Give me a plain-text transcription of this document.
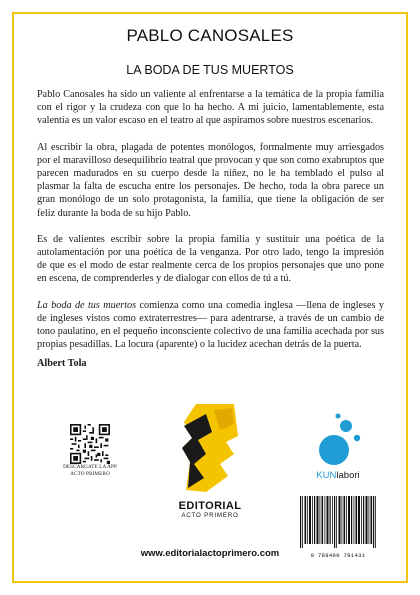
PABLO CANOSALES
LA BODA DE TUS MUERTOS

Pablo Canosales ha sido un valiente al enfrentarse a la temática de la propia familia con el rigor y la crudeza con que lo ha hecho. A mi juicio, lamentablemente, esta valentía es un valor escaso en el teatro al que aspiramos sobre nuestros escenarios.

Al escribir la obra, plagada de potentes monólogos, formalmente muy arriesgados por el maravilloso desequilibrio teatral que provocan y que son como exabruptos que parecen madurados en su cuerpo desde la niñez, no le ha temblado el pulso al plasmar la falta de escucha entre los personajes. De hecho, toda la obra parece un gran monólogo de un solo protagonista, la familia, que tiene la obligación de ser feliz durante la boda de su hijo Pablo.

Es de valientes escribir sobre la propia familia y sustituir una poética de la autolamentación por una poética de la venganza. Por otro lado, tengo la impresión de que es el modo de estar realmente cerca de los propios personajes que uno pone en escena, de comprenderles y de dialogar con ellos de tú a tú.

La boda de tus muertos comienza como una comedia inglesa —llena de ingleses y de ingleses vistos como extraterrestres— para adentrarse, a través de un cambio de tono paulatino, en el pequeño inconsciente colectivo de una familia acechada por sus propias pesadillas. La locura (aparente) o la lucidez acechan detrás de la puerta.

Albert Tola
DESCÁRGATE LA APP
ACTO PRIMERO
EDITORIAL
ACTO PRIMERO
KUNlabori
9 788469 791431
www.editorialactoprimero.com
